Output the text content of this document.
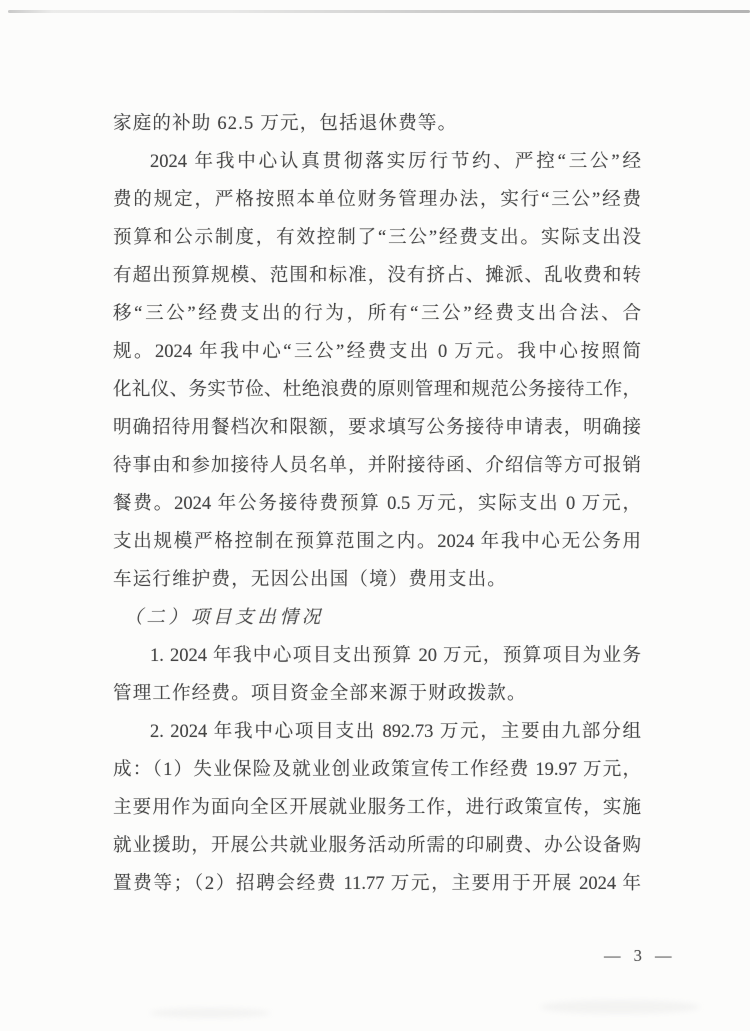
家庭的补助 62.5 万元，包括退休费等。
2024 年我中心认真贯彻落实厉行节约、严控“三公”经
费的规定，严格按照本单位财务管理办法，实行“三公”经费
预算和公示制度，有效控制了“三公”经费支出。实际支出没
有超出预算规模、范围和标准，没有挤占、摊派、乱收费和转
移“三公”经费支出的行为，所有“三公”经费支出合法、合
规。2024 年我中心“三公”经费支出 0 万元。我中心按照简
化礼仪、务实节俭、杜绝浪费的原则管理和规范公务接待工作，
明确招待用餐档次和限额，要求填写公务接待申请表，明确接
待事由和参加接待人员名单，并附接待函、介绍信等方可报销
餐费。2024 年公务接待费预算 0.5 万元，实际支出 0 万元，
支出规模严格控制在预算范围之内。2024 年我中心无公务用
车运行维护费，无因公出国（境）费用支出。
（二）项目支出情况
1. 2024 年我中心项目支出预算 20 万元，预算项目为业务
管理工作经费。项目资金全部来源于财政拨款。
2. 2024 年我中心项目支出 892.73 万元，主要由九部分组
成：（1）失业保险及就业创业政策宣传工作经费 19.97 万元，
主要用作为面向全区开展就业服务工作，进行政策宣传，实施
就业援助，开展公共就业服务活动所需的印刷费、办公设备购
置费等；（2）招聘会经费 11.77 万元，主要用于开展 2024 年
— 3 —
